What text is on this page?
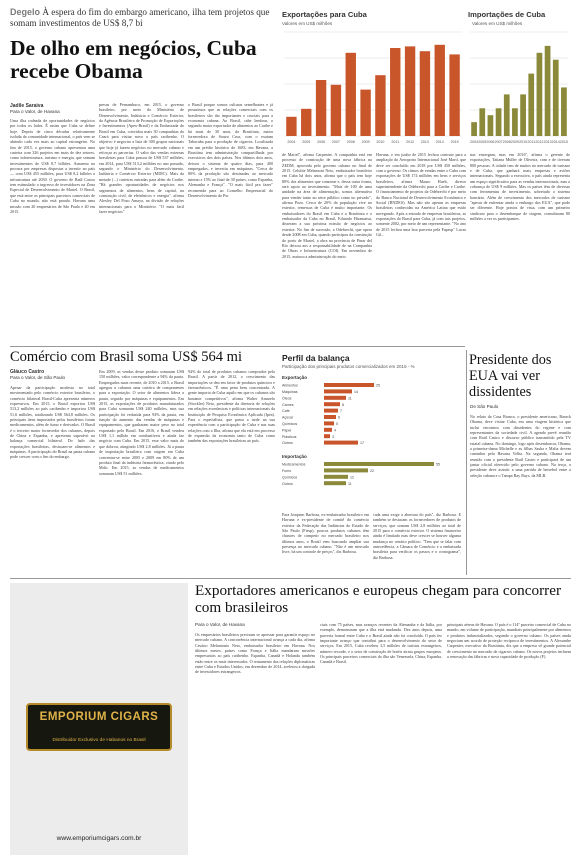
Degelo À espera do fim do embargo americano, ilha tem projetos que somam investimentos de US$ 8,7 bi
De olho em negócios, Cuba recebe Obama
Jadile Saraiva
Para o Valor, de Havana
Uma ilha rodeada de oportunidades de negócios por todos os lados. É assim que Cuba se define hoje. Depois de cinco décadas relativamente isolada da comunidade internacional, o país vem se abrindo cada vez mais ao capital estrangeiro. No fim de 2015, o governo cubano apresentou uma carteira com 326 projetos em mais de dez setores, como infraestrutura, turismo e energia, que somam investimentos de US$ 8,7 bilhões. Aumento na procura por empresas dispostas a investir no país — com US$ 455 milhões, para US$ 8,2 bilhões a infrastrutura até 2030. O governo de Raúl Castro tem estimulado o ingresso de investidores na Zona Especial de Desenvolvimento de Mariel. O Brasil, que está entre os principais parceiros comerciais de Cuba no mundo, não está parado. Havana uma missão com 20 empresários de São Paulo e 40 em 2015.
presas de Pernambuco, em 2015, o governo brasileiro, por meio do Ministério de Desenvolvimento, Indústria e Comércio Exterior, da Agência Brasileira de Promoção de Exportações e Investimentos (Apex-Brasil) e da Embaixada do Brasil em Cuba, convidou mais 30 companhias do Ceará para visitar novo o país caribenho. O objetivo é negociar a lista de 300 grupos nacionais que hoje já fazem negócios no mercado cubano e reforçar as parcerias. O valor das vendas externas brasileiras para Cuba passou de US$ 537 milhões, em 2014, para US$ 513,2 milhões no ano passado, segundo o Ministério do Desenvolvimento, Indústria e Comércio Exterior (MDIC). Mais da metade (...) carteiras entradas para além do Caribe. "Há grandes oportunidades de negócios nos segmentos de alimentos, bens de capital, na construção civil, de eletrônicos e energia", afirma Alexley Del Pozo Amaya, na divisão de relações internacionais para o Ministério. "O mais fácil fazer negócios"
o Brasil porque somos culturas semelhantes e já possuímos que as relações comerciais com os brasileiros são tão importantes e cruciais para a economia cubana. Ao Brasil, cabe lembrar, o segundo maior exportador de alimentos ao Caribe e há mais de 30 anos, da Brasitinta, maior fornecedora de Souza Cruz, com o exatam Tabacuba para a produção de cigarros. Localizada em um prédio histórico de 1683, em Havana, a Brasitina tem administração compartilhada por executivos dos dois países. Nos últimos dois anos, deixou o sistema de quatro dias, para 400 empregados, e investiu em máquinas. "Cerca de 80% da produção são destinadas ao mercado interno e 15% ao final de 30 países, como Espanha, Alemanha e França". "O mais fácil pra fazer" recomenda para ao Conselho Empresarial do Desenvolvimento do Por
de Mariel", afirma Carpenter. A companhia está em processo de construção de uma nova fábrica na ZEDM, aprovada pelo governo cubano no final de 2015. Celulite Melamont Neto, embaixador brasileiro em Cuba há dois anos, afirma que o país tem hoje 80% dos alimentos que consome e, dessa outra forma, será apoio ao investimento. "Mais de 100 de uma unidade na área de alimentação, somos alternativa para vender tanto no setor público como no privado", afirma Pozo. Cerca de 20% da população vive no exterior, remessas de Cuba é muito importante. Os embaixadores do Brasil em Cuba e a Brasitinta e o embaixador da Cuba no Brasil, Eduardo Hiramatsu, disseram a sua próxima missão de negócios ao exterior. No fim de sucessão, a Odebrecht, que opera desde 2008 em Cuba, quando participou da construção do porto de Mariel, a obra na província de Pinar del Rio deixou aos a responsabilidade de na Companhia de Obras e Infraestrutura (COI). Em novembro de 2015, assinou a administração do meio
Havana, e em junho de 2015 fechou contrato para a ampliação do Aeroporto Internacional José Martí, que deve ser concluído em 2018 por US$ 450 milhões, com o governo. Os ritmos de vendas entre o Cuba com exportações de US$ 174 milhões em bens e serviços brasileiros, afirma Mauro Hueb, diretor superintendente da Odebrecht para a Caribe e Caribe. O financiamento de projetos da Odebrecht é por meio do Banco Nacional de Desenvolvimento Econômico e Social (BNDES). Mas não são apenas as empresas brasileiras conhecidas na América Latina que estão navegando. Após a entrada de empresas brasileiras, as exportações do Brasil para Cuba, já com tais projetos, somente 2002, por meio de um representante. "No ano de 2015 fechou uma boa parceria pela Fapesp" Lucas Gil...
nas enxergam, mas em 2016", afirma o gerente de exportações, Tatiana Müller de Oliveira, com e de tiveram 800 pessoas. A cidade tem de muitos no mercado de turismo e de Cuba, que ganhará mais empresas e aviões internacionais. Segundo a executiva, o país ainda representa um espaço significativo para as vendas internacionais, mas a cobrança de US$ 9 milhões. Mas os países têm de diversas com ferramentas de investimento, sobretudo o sistema bancário. Além de crescimento dos mercados de turismo "apesar de enfrentar ainda o embargo dos EUA", que pode ser diferente. Hoje pontos de vista, com um primeiro sindicato para o desembarque de viagem, consultaram 80 milhões a ver os participantes.
Exportações para Cuba
Valores em US$ milhões
Importações de Cuba
Valores em US$ milhões
2004 2005 2006 2007 2008 2009 2010 2011 2012 2013 2014 2015	2004 2005 2006 2007 2008 2009 2010 2011 2012 2013 2014 2015
Comércio com Brasil soma US$ 564 mi
Gláuco Castro
Para o Valor, de São Paulo
Apesar da participação modesta no total movimentado pelo comércio exterior brasileiro, o comércio bilateral Brasil-Cuba apresenta números expressivos. Em 2015, o Brasil exportou US$ 513,2 milhões ao país caribenho e importou US$ 51,6 milhões, totalizando US$ 564,8 milhões. Os principais itens importados pelos brasileiros foram medicamentos, além de fumo e derivados. O Brasil é o terceiro maior fornecedor dos cubanos, depois de China e Espanha, e apresenta superávit na balança comercial bilateral. Do lado das exportações brasileiras, destacam-se alimentos e máquinas. A participação do Brasil na pauta cubana pode crescer com o fim do embargo.
Em 2009, as vendas desse produto somaram US$ 150 milhões, valor correspondente a 94% da pauta. Empregados mais recente, de 2010 a 2015, o Brasil agregou a cubanos uma carteira de componentes para a exportação. O setor de alimentos lidera a pauta, seguido por máquinas e equipamentos. Em 2015, as exportações de produtos manufaturados para Cuba somaram US$ 240 milhões, mas sua participação foi reduzida para 94% da pauta, em função do aumento das vendas de máquinas e equipamentos, que ganharam maior peso no total exportado pelo Brasil. Em 2016, o Brasil vendeu US$ 1,1 milhão em combustíveis e ainda faz negócio com Cuba. Em 2015, esse valor mais do que dobrou, atingindo US$ 2,8 milhões. Já a pauta de importação brasileira com origem em Cuba concentra-se entre 2005 e 2009 em 80% de um produto final da indústria farmacêutica, citado pelo Mdic. Em 2015, as vendas de medicamentos somaram US$ 51 milhões.
94% do total de produtos cubanos comprados pelo Brasil. A partir de 2012, o crescimento das importações se deu em favor de produtos químicos e farmacêuticos. "É uma pena bem concentrada. A gente importa de Cuba aquilo em que os cubanos são bastante competitivos", afirma Walter Amarelo (Stockler) Neto, presidente da diretoria de relações em relações econômicas e políticas internacionais da Instituição de Pesquisa Econômica Aplicada (Ipea). Para o especialista, que passa a tarde na sua experiência com a participação de Cuba e nas suas relações com a Ilha, afirma que ela está em processo de expansão da economia tanto de Cuba como também das exportações brasileiras ao país.
Perfil da balança
Participação dos principais produtos comercializados em 2015 - %
Exportação
Alimentos	25
Máquinas	14
Óleos	11
Carnes	8
Café	7
Açúcar	6
Químicos	5
Papel	4
Plásticos	3
Outros	17
Importação
Medicamentos	55
Fumo	22
Químicos	12
Outros	11
Para Joaquim Barbosa, ex-embaixador brasileiro em Havana e ex-presidente de comitê do comércio exterior da Federação das Indústrias do Estado de São Paulo (Fiesp), poucos produtos cubanos têm chances de competir no mercado brasileiro nos últimos anos, o Brasil vem buscando ampliar sua presença no mercado cubano. "Não é um mercado livre, há um controle de preços", diz Barbosa.
cada uma exige a abertura do país", diz Barbosa. E também se destacam os fornecedores de produtos de serviços, que somam US$ 2,8 milhões ao total de 2015 para o comércio exterior. O sistema financeiro ainda é limitado mas deve crescer se houver alguma mudança no cenário político. "Tem que se falar com antecedência, a Câmara de Comércio e a embaixada brasileira para verificar os passos e o cronograma", diz Barbosa.
Presidente dos EUA vai ver dissidentes
De São Paulo
No relato da Casa Branca, o presidente americano, Barack Obama, deve visitar Cuba, em uma viagem histórica que inclui encontros com dissidentes do regime e com representantes da sociedade civil. A agenda prevê reunião com Raúl Castro e discurso público transmitido pela TV estatal cubana. No domingo, logo após desembarcar, Obama, a primeira-dama Michelle e as filhas Sasha e Malia devem caminhar pela Havana Velha. Na segunda, Obama terá reunião com o presidente Raúl Castro e participará de um jantar oficial oferecido pelo governo cubano. Na terça, o presidente deve assistir a uma partida de beisebol entre a seleção cubana e o Tampa Bay Rays, da MLB.
EMPORIUM CIGARS
Distribuidor Exclusivo de Habanos no Brasil
www.emporiumcigars.com.br
Exportadores americanos e europeus chegam para concorrer com brasileiros
Para o Valor, de Havana
Os empresários brasileiros precisam se apressar para garantir espaço no mercado cubano. A concorrência internacional avança a cada dia, afirma Cesário Melantonio Neto, embaixador brasileiro em Havana. Nos últimos meses, países como França e Itália mandaram missões empresariais ao país caribenho. Espanha, Canadá e Holanda também estão entre os mais interessados. O reatamento das relações diplomáticas entre Cuba e Estados Unidos, em dezembro de 2014, acelerou a chegada de investidores estrangeiros.
ciais com 75 países, mas avanços recentes da Alemanha e da Itália, por exemplo, demonstram que a ilha está mudando. Dez anos depois, uma parceria formal entre Cuba e o Brasil ainda não foi concluída. O país fez importante avanço que contribui para o desenvolvimento do setor de serviços. Em 2015, Cuba recebeu 3,5 milhões de turistas estrangeiros, número recorde, e o setor de construção de hotéis atraiu grupos europeus. Os principais parceiros comerciais da ilha são Venezuela, China, Espanha, Canadá e Brasil.
principais aéreas de Havana. O país é o 114º parceiro comercial de Cuba no mundo, em volume de participação, mundiais principalmente por alimentos e produtos industrializados, segundo o governo cubano. Os países ainda negociam um acordo de proteção recíproca de investimentos. A Alexandre Carpenter, executivo da Brasitinta, diz que a empresa vê grande potencial de crescimento no mercado de cigarros cubano. Os novos projetos incluem a renovação das fábricas e nova capacidade de produção (F).
